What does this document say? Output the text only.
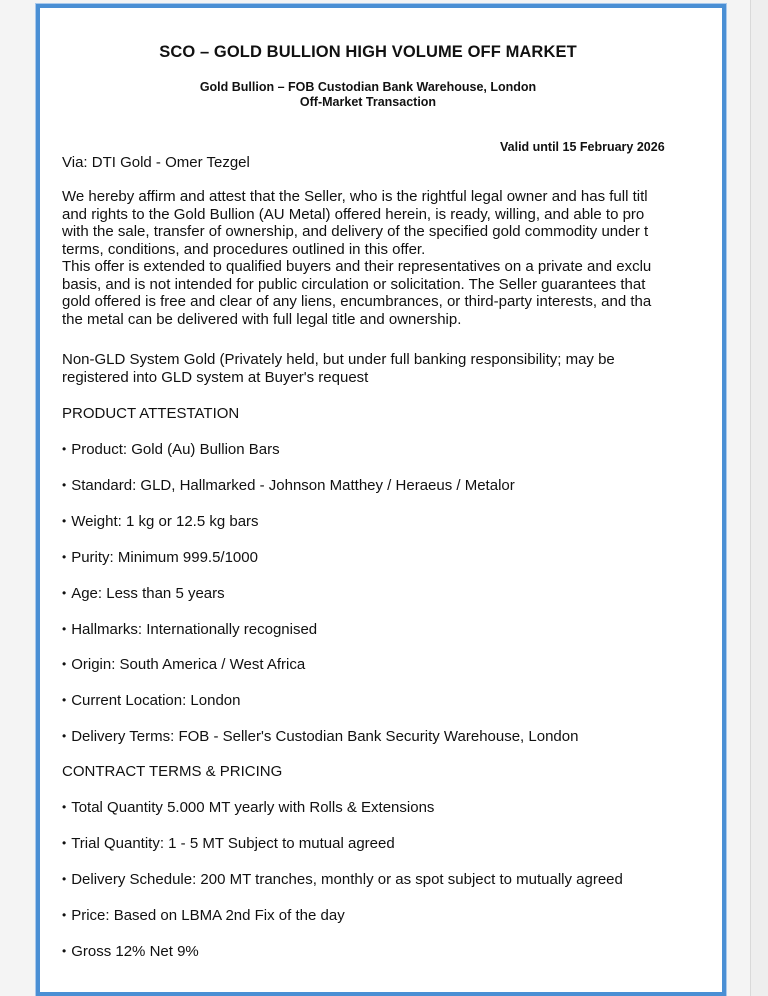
SCO – GOLD BULLION HIGH VOLUME OFF MARKET
Gold Bullion – FOB Custodian Bank Warehouse, London
Off-Market Transaction
Valid until 15 February 2026
Via: DTI Gold - Omer Tezgel
We hereby affirm and attest that the Seller, who is the rightful legal owner and has full titl
and rights to the Gold Bullion (AU Metal) offered herein, is ready, willing, and able to pro
with the sale, transfer of ownership, and delivery of the specified gold commodity under t
terms, conditions, and procedures outlined in this offer.
This offer is extended to qualified buyers and their representatives on a private and exclu
basis, and is not intended for public circulation or solicitation. The Seller guarantees that
gold offered is free and clear of any liens, encumbrances, or third-party interests, and tha
the metal can be delivered with full legal title and ownership.
Non-GLD System Gold (Privately held, but under full banking responsibility; may be
registered into GLD system at Buyer's request
PRODUCT ATTESTATION
• Product: Gold (Au) Bullion Bars
• Standard: GLD, Hallmarked - Johnson Matthey / Heraeus / Metalor
• Weight: 1 kg or 12.5 kg bars
• Purity: Minimum 999.5/1000
• Age: Less than 5 years
• Hallmarks: Internationally recognised
• Origin: South America / West Africa
• Current Location: London
• Delivery Terms: FOB - Seller's Custodian Bank Security Warehouse, London
CONTRACT TERMS & PRICING
• Total Quantity 5.000 MT yearly with Rolls & Extensions
• Trial Quantity: 1 - 5 MT Subject to mutual agreed
• Delivery Schedule: 200 MT tranches, monthly or as spot subject to mutually agreed
• Price: Based on LBMA 2nd Fix of the day
• Gross 12% Net 9%
